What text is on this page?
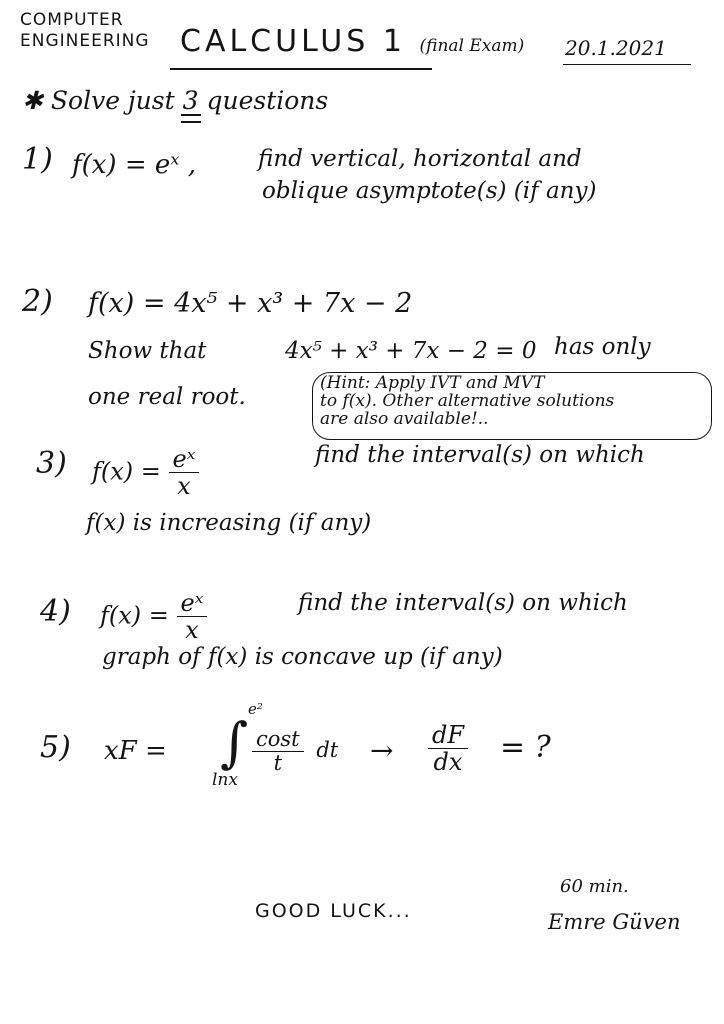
COMPUTER ENGINEERING	CALCULUS 1 (final Exam) 20.1.2021
✱ Solve just 3 questions
1) f(x) = eˣ ,	find vertical, horizontal and
oblique asymptote(s) (if any)
2) f(x) = 4x⁵ + x³ + 7x − 2
Show that	4x⁵ + x³ + 7x − 2 = 0 has only
one real root.
(Hint: Apply IVT and MVT
to f(x). Other alternative solutions
are also available!..
3) $f(x) = \frac{\text{eˣ}}{x}$	find the interval(s) on which
f(x) is increasing (if any)
4) $f(x) = \frac{\text{eˣ}}{x}$	find the interval(s) on which
graph of f(x) is concave up (if any)
5) xF = ∫
e²
lnx
$\frac{\cos t}{t}$ dt → $\frac{dF}{dx}$ = ?
GOOD LUCK...
60 min.
Emre Güven
